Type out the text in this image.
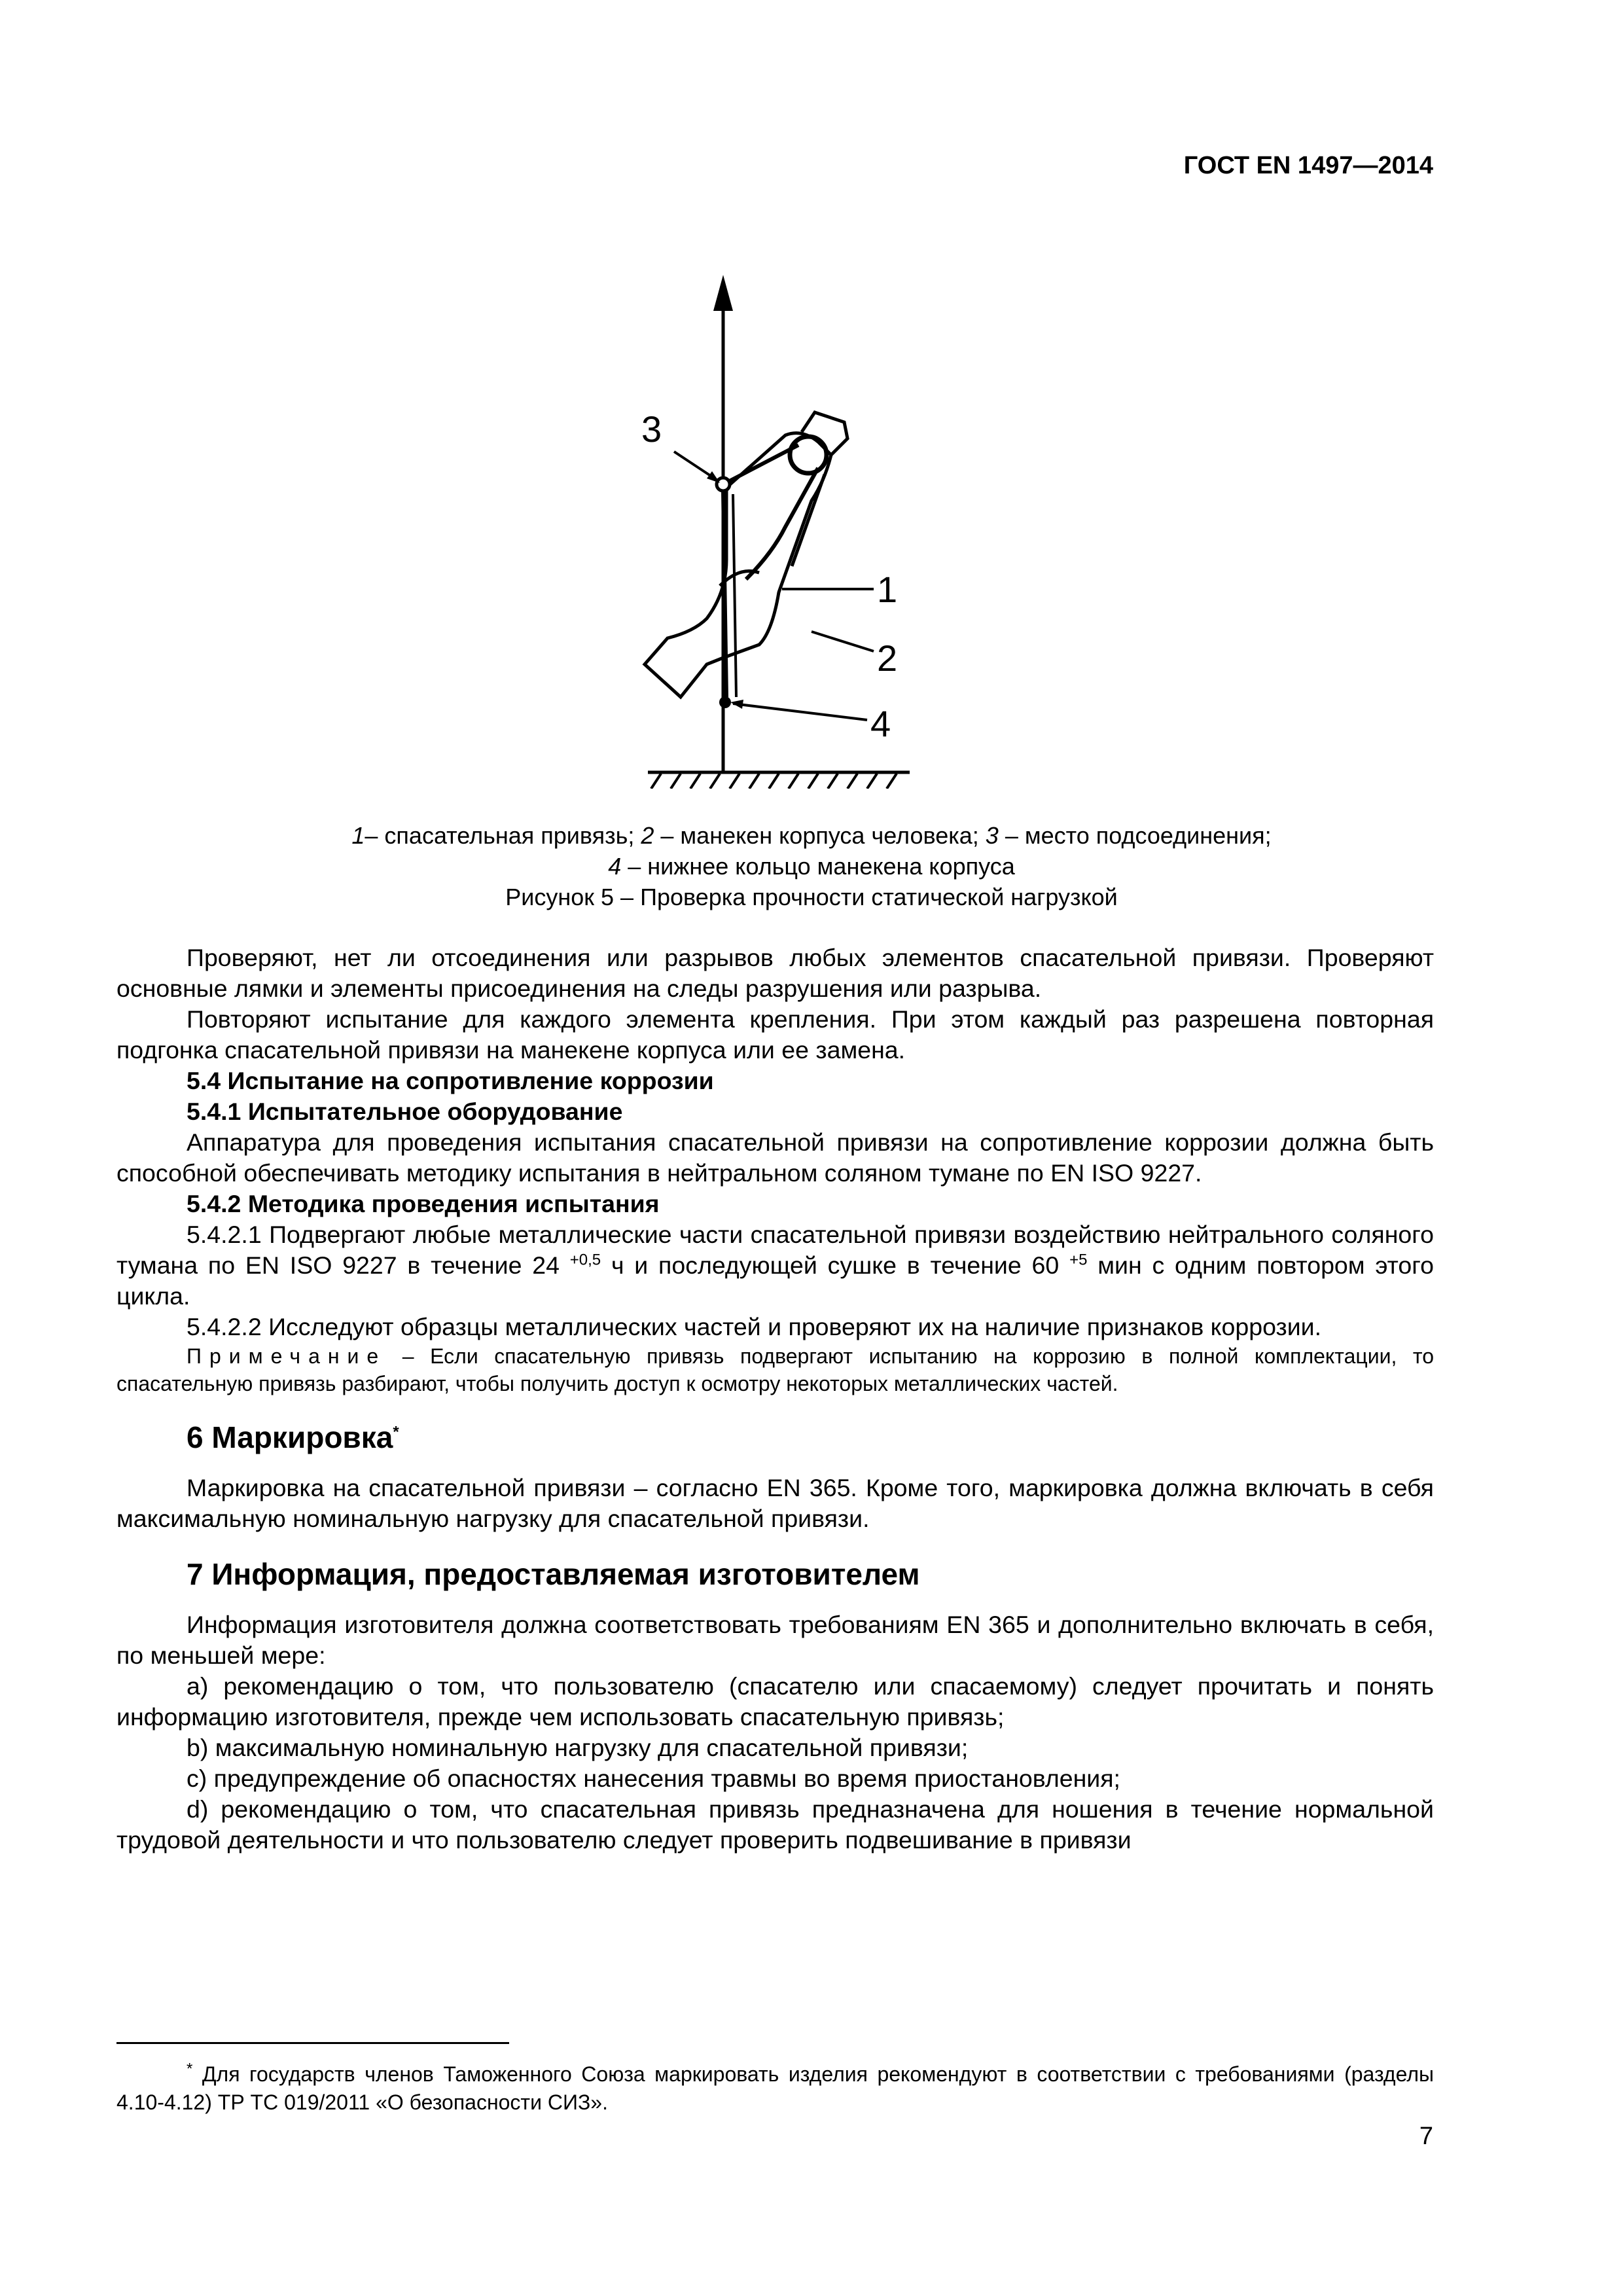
ГОСТ EN 1497—2014
3
1
2
4
1– спасательная привязь; 2 – манекен корпуса человека; 3 – место подсоединения;
4 – нижнее кольцо манекена корпуса
Рисунок 5 – Проверка прочности статической нагрузкой

Проверяют, нет ли отсоединения или разрывов любых элементов спасательной привязи. Проверяют основные лямки и элементы присоединения на следы разрушения или разрыва.

Повторяют испытание для каждого элемента крепления. При этом каждый раз разрешена повторная подгонка спасательной привязи на манекене корпуса или ее замена.

5.4 Испытание на сопротивление коррозии

5.4.1 Испытательное оборудование

Аппаратура для проведения испытания спасательной привязи на сопротивление коррозии должна быть способной обеспечивать методику испытания в нейтральном соляном тумане по EN ISO 9227.

5.4.2 Методика проведения испытания

5.4.2.1 Подвергают любые металлические части спасательной привязи воздействию нейтрального соляного тумана по EN ISO 9227 в течение 24 $^{+0,5}$ ч и последующей сушке в течение 60 $^{+5}$ мин с одним повтором этого цикла.

5.4.2.2 Исследуют образцы металлических частей и проверяют их на наличие признаков коррозии.

Примечание – Если спасательную привязь подвергают испытанию на коррозию в полной комплектации, то спасательную привязь разбирают, чтобы получить доступ к осмотру некоторых металлических частей.

6 Маркировка*

Маркировка на спасательной привязи – согласно EN 365. Кроме того, маркировка должна включать в себя максимальную номинальную нагрузку для спасательной привязи.

7 Информация, предоставляемая изготовителем

Информация изготовителя должна соответствовать требованиям EN 365 и дополнительно включать в себя, по меньшей мере:

a) рекомендацию о том, что пользователю (спасателю или спасаемому) следует прочитать и понять информацию изготовителя, прежде чем использовать спасательную привязь;

b) максимальную номинальную нагрузку для спасательной привязи;

c) предупреждение об опасностях нанесения травмы во время приостановления;

d) рекомендацию о том, что спасательная привязь предназначена для ношения в течение нормальной трудовой деятельности и что пользователю следует проверить подвешивание в привязи

* Для государств членов Таможенного Союза маркировать изделия рекомендуют в соответствии с требованиями (разделы 4.10-4.12) ТР ТС 019/2011 «О безопасности СИЗ».

7
